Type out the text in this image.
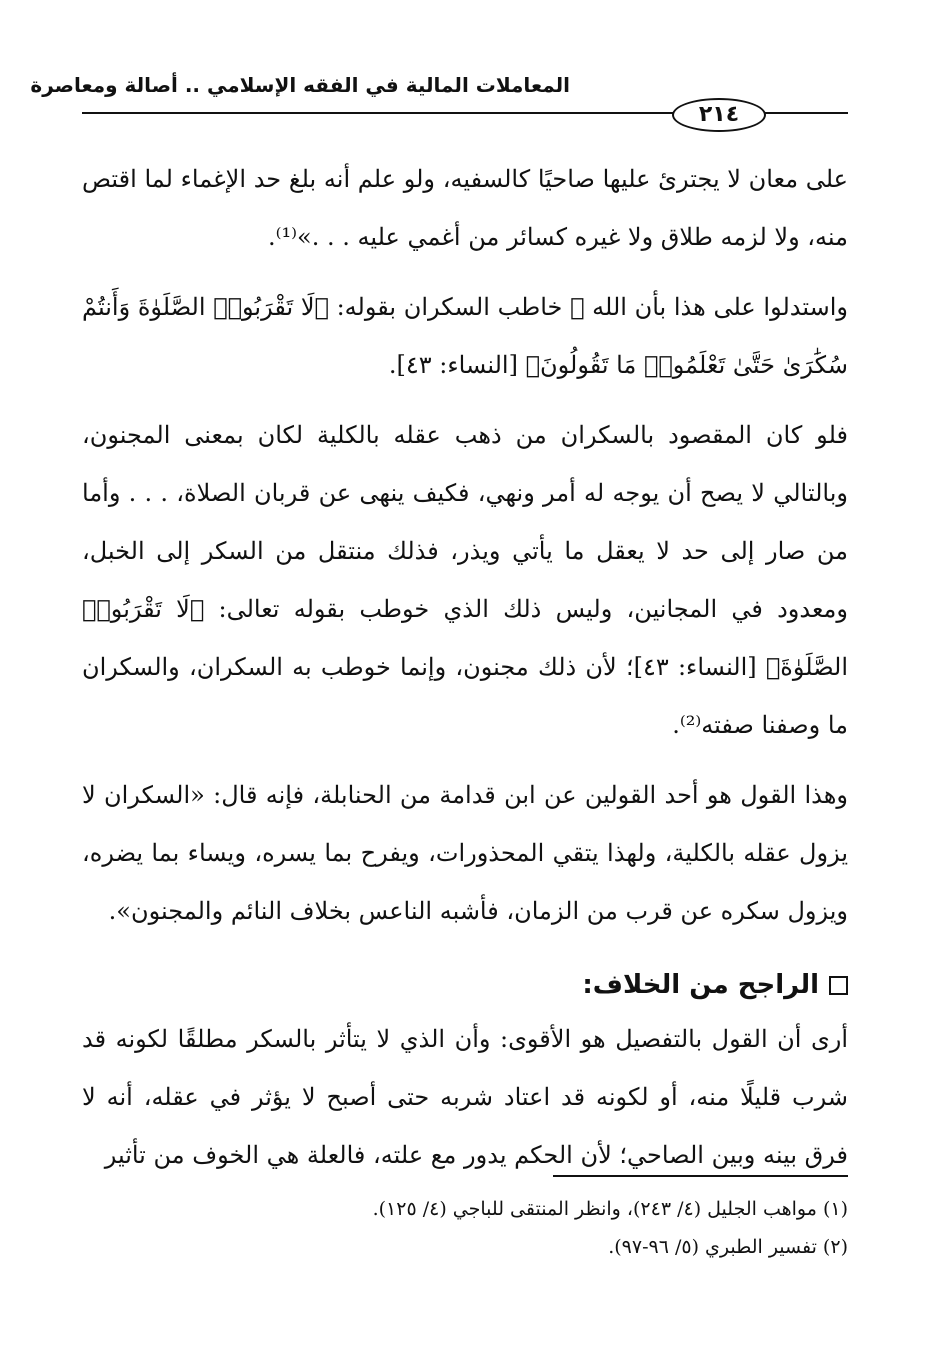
المعاملات المالية في الفقه الإسلامي .. أصالة ومعاصرة
٢١٤

على معان لا يجترئ عليها صاحيًا كالسفيه، ولو علم أنه بلغ حد الإغماء لما اقتص منه، ولا لزمه طلاق ولا غيره كسائر من أغمي عليه . . .»⁽¹⁾.

واستدلوا على هذا بأن الله ﷻ خاطب السكران بقوله: ﴿لَا تَقْرَبُوا۟ الصَّلَوٰةَ وَأَنتُمْ سُكَٰرَىٰ حَتَّىٰ تَعْلَمُوا۟ مَا تَقُولُونَ﴾ [النساء: ٤٣].

فلو كان المقصود بالسكران من ذهب عقله بالكلية لكان بمعنى المجنون، وبالتالي لا يصح أن يوجه له أمر ونهي، فكيف ينهى عن قربان الصلاة، . . . وأما من صار إلى حد لا يعقل ما يأتي ويذر، فذلك منتقل من السكر إلى الخبل، ومعدود في المجانين، وليس ذلك الذي خوطب بقوله تعالى: ﴿لَا تَقْرَبُوا۟ الصَّلَوٰةَ﴾ [النساء: ٤٣]؛ لأن ذلك مجنون، وإنما خوطب به السكران، والسكران ما وصفنا صفته⁽²⁾.

وهذا القول هو أحد القولين عن ابن قدامة من الحنابلة، فإنه قال: «السكران لا يزول عقله بالكلية، ولهذا يتقي المحذورات، ويفرح بما يسره، ويساء بما يضره، ويزول سكره عن قرب من الزمان، فأشبه الناعس بخلاف النائم والمجنون».

الراجح من الخلاف:

أرى أن القول بالتفصيل هو الأقوى: وأن الذي لا يتأثر بالسكر مطلقًا لكونه قد شرب قليلًا منه، أو لكونه قد اعتاد شربه حتى أصبح لا يؤثر في عقله، أنه لا فرق بينه وبين الصاحي؛ لأن الحكم يدور مع علته، فالعلة هي الخوف من تأثير

(١) مواهب الجليل (٤/ ٢٤٣)، وانظر المنتقى للباجي (٤/ ١٢٥).

(٢) تفسير الطبري (٥/ ٩٦-٩٧).
